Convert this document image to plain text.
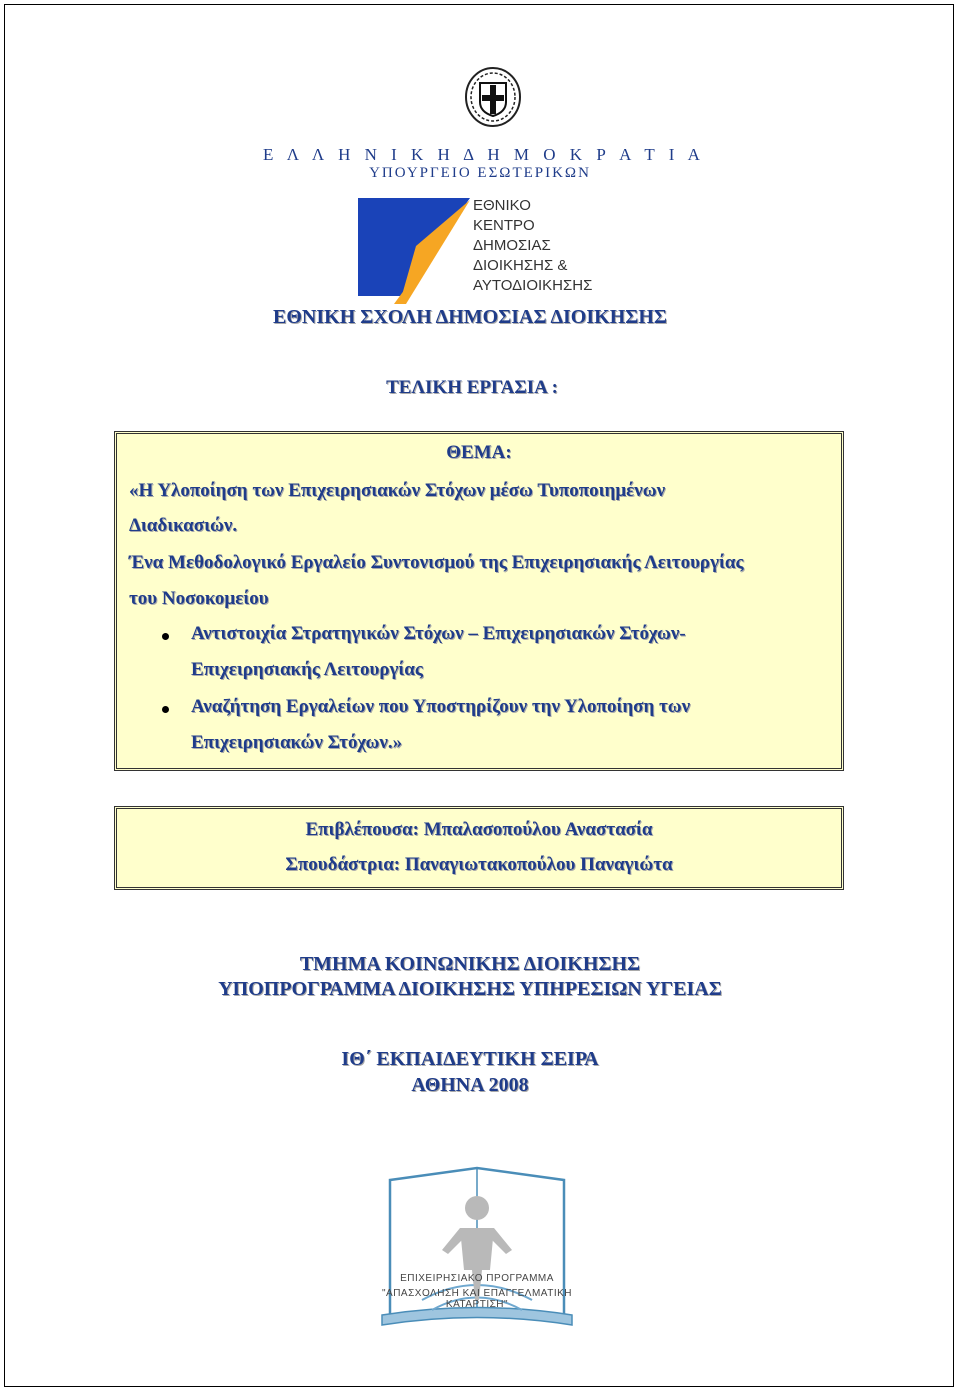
Ε Λ Λ Η Ν Ι Κ Η Δ Η Μ Ο Κ Ρ Α Τ Ι Α
ΥΠΟΥΡΓΕΙΟ ΕΣΩΤΕΡΙΚΩΝ
ΕΘΝΙΚΟ
ΚΕΝΤΡΟ
ΔΗΜΟΣΙΑΣ
ΔΙΟΙΚΗΣΗΣ &
ΑΥΤΟΔΙΟΙΚΗΣΗΣ
ΕΘΝΙΚΗ ΣΧΟΛΗ ΔΗΜΟΣΙΑΣ ΔΙΟΙΚΗΣΗΣ
ΤΕΛΙΚΗ ΕΡΓΑΣΙΑ :
ΘΕΜΑ:
«Η Υλοποίηση των Επιχειρησιακών Στόχων μέσω Τυποποιημένων
Διαδικασιών.
Ένα Μεθοδολογικό Εργαλείο Συντονισμού της Επιχειρησιακής Λειτουργίας
του Νοσοκομείου
Αντιστοιχία Στρατηγικών Στόχων – Επιχειρησιακών Στόχων-
Επιχειρησιακής Λειτουργίας
Αναζήτηση Εργαλείων που Υποστηρίζουν την Υλοποίηση των
Επιχειρησιακών Στόχων.»
Επιβλέπουσα: Μπαλασοπούλου Αναστασία
Σπουδάστρια: Παναγιωτακοπούλου Παναγιώτα
ΤΜΗΜΑ ΚΟΙΝΩΝΙΚΗΣ ΔΙΟΙΚΗΣΗΣ
ΥΠΟΠΡΟΓΡΑΜΜΑ ΔΙΟΙΚΗΣΗΣ ΥΠΗΡΕΣΙΩΝ ΥΓΕΙΑΣ
ΙΘ΄ ΕΚΠΑΙΔΕΥΤΙΚΗ ΣΕΙΡΑ
ΑΘΗΝΑ 2008
ΕΠΙΧΕΙΡΗΣΙΑΚΟ ΠΡΟΓΡΑΜΜΑ
"ΑΠΑΣΧΟΛΗΣΗ ΚΑΙ ΕΠΑΓΓΕΛΜΑΤΙΚΗ ΚΑΤΑΡΤΙΣΗ"
